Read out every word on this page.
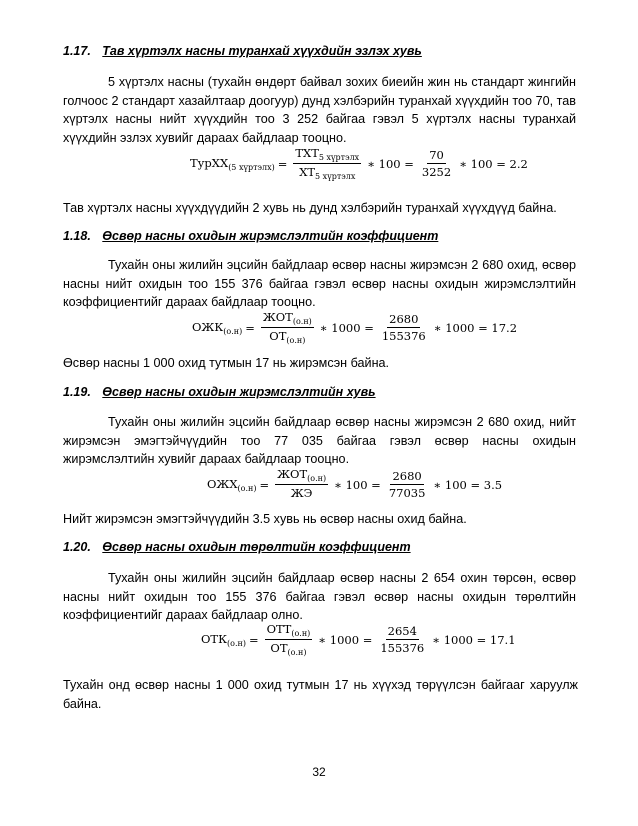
1.17. Тав хүртэлх насны туранхай хүүхдийн эзлэх хувь
5 хүртэлх насны (тухайн өндөрт байвал зохих биеийн жин нь стандарт жингийн голчоос 2 стандарт хазайлтаар доогуур) дунд хэлбэрийн туранхай хүүхдийн тоо 70, тав хүртэлх насны нийт хүүхдийн тоо 3 252 байгаа гэвэл 5 хүртэлх насны туранхай хүүхдийн эзлэх хувийг дараах байдлаар тооцно.
ТурХХ$_{(5 хүртэлх)}$ = $\frac{ТХТ_{5 хүртэлх}}{ХТ_{5 хүртэлх}}$ ∗ $100 = \frac{70}{3252}$ ∗ 100 = 2.2
Тав хүртэлх насны хүүхдүүдийн 2 хувь нь дунд хэлбэрийн туранхай хүүхдүүд байна.
1.18. Өсвөр насны охидын жирэмслэлтийн коэффициент
Тухайн оны жилийн эцсийн байдлаар өсвөр насны жирэмсэн 2 680 охид, өсвөр насны нийт охидын тоо 155 376 байгаа гэвэл өсвөр насны охидын жирэмслэлтийн коэффициентийг дараах байдлаар тооцно.
$ОЖК_{(о.н)} = \frac{ЖОТ_{(о.н)}}{ОТ_{(о.н)}}$ ∗ $1000 = \frac{2680}{155376}$ ∗ 1000 = 17.2
Өсвөр насны 1 000 охид тутмын 17 нь жирэмсэн байна.
1.19. Өсвөр насны охидын жирэмслэлтийн хувь
Тухайн оны жилийн эцсийн байдлаар өсвөр насны жирэмсэн 2 680 охид, нийт жирэмсэн эмэгтэйчүүдийн тоо 77 035 байгаа гэвэл өсвөр насны охидын жирэмслэлтийн хувийг дараах байдлаар тооцно.
$ОЖХ_{(о.н)} = \frac{ЖОТ_{(о.н)}}{ЖЭ}$ ∗ $100 = \frac{2680}{77035}$ ∗ 100 = 3.5
Нийт жирэмсэн эмэгтэйчүүдийн 3.5 хувь нь өсвөр насны охид байна.
1.20. Өсвөр насны охидын төрөлтийн коэффициент
Тухайн оны жилийн эцсийн байдлаар өсвөр насны 2 654 охин төрсөн, өсвөр насны нийт охидын тоо 155 376 байгаа гэвэл өсвөр насны охидын төрөлтийн коэффициентийг дараах байдлаар олно.
$ОТК_{(о.н)} = \frac{ОТТ_{(о.н)}}{ОТ_{(о.н)}}$ ∗ $1000 = \frac{2654}{155376}$ ∗ 1000 = 17.1
Тухайн онд өсвөр насны 1 000 охид тутмын 17 нь хүүхэд төрүүлсэн байгааг харуулж байна.
32
